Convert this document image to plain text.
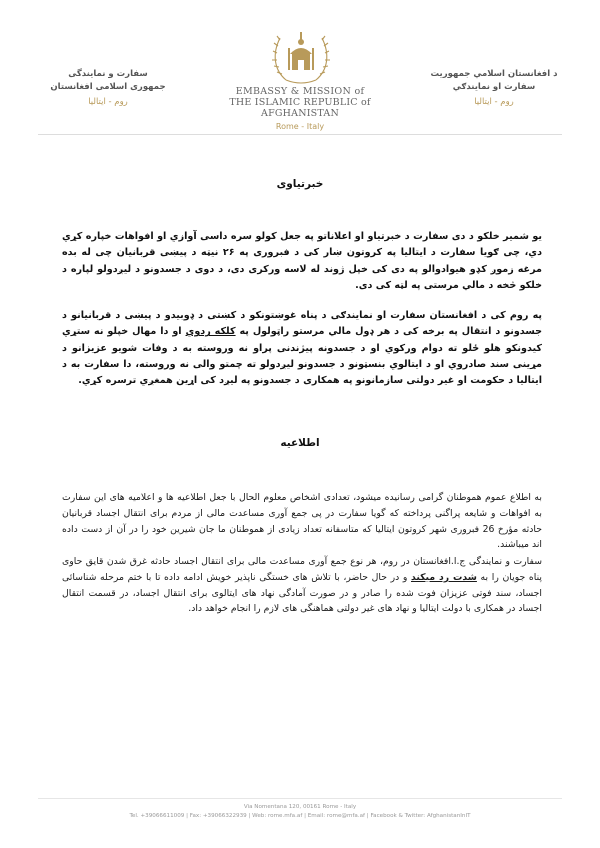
سفارت و نمایندگی
جمهوری اسلامی افغانستان
روم - ایتالیا
EMBASSY & MISSION of
THE ISLAMIC REPUBLIC of AFGHANISTAN
Rome - Italy
د افغانستان اسلامي جمهوريت
سفارت او نمایندګي
روم - ایتالیا
خبرتیاوی
یو شمیر خلکو د دی سفارت د خبرتیاو او اعلاناتو په جعل کولو سره داسی آوازي او افواهات خپاره کړي دي، چی ګویا سفارت د ایتالیا په کروتون ښار کی د فبروری په ۲۶ نیټه د پیښی قربانیان چی له بده مرغه زموږ کډو هیوادوالو په دی کی خپل ژوند له لاسه ورکری دی، د دوی د جسدونو د لیږدولو لپاره د خلکو څخه د مالي مرستی په لټه کی دی.
په روم کی د افغانستان سفارت او نمایندګی د پناه غوښتونکو د کښتی د ډوبیدو د پیښی د قربانیانو د جسدونو د انتقال په برخه کی د هر ډول مالي مرستو راټولول په کلکه ردوي او دا مهال خپلو نه ستړي کیدونکو هلو ځلو ته دوام ورکوي او د جسدونه پیژندنی پراو نه وروسته به د وفات شویو عزیزانو د مړینی سند صادروي او د ایتالوي بنسټونو د جسدونو لیږدولو ته چمتو والی نه وروسته، دا سفارت به د ایتالیا د حکومت او غیر دولتی سازمانونو په همکاری د جسدونو په لیږد کی اړین همغږي ترسره کړي.
اطلاعیه
به اطلاع عموم هموطنان گرامی رسانیده میشود، تعدادی اشخاص معلوم الحال با جعل اطلاعیه ها و اعلامیه های این سفارت به افواهات و شایعه پراگنی پرداخته که گویا سفارت در پی جمع آوری مساعدت مالی از مردم برای انتقال اجساد قربانیان حادثه مؤرخ 26 فبروری شهر کروتون ایتالیا که متاسفانه تعداد زیادی از هموطنان ما جان شیرین خود را در آن از دست داده اند میباشند.
سفارت و نمایندگی ج.ا.افغانستان در روم، هر نوع جمع آوری مساعدت مالی برای انتقال اجساد حادثه غرق شدن قایق حاوی پناه جویان را به شدت رد میکند و در حال حاضر، با تلاش های خستگی ناپذیر خویش ادامه داده تا با ختم مرحله شناسائی اجساد، سند فوتی عزیزان فوت شده را صادر و در صورت آمادگی نهاد های ایتالوی برای انتقال اجساد، در قسمت انتقال اجساد در همکاری با دولت ایتالیا و نهاد های غیر دولتی هماهنگی های لازم را انجام خواهد داد.
Via Nomentana 120, 00161 Rome - Italy
Tel. +39066611009 | Fax: +39066322939 | Web: rome.mfa.af | Email: rome@mfa.af | Facebook & Twitter: AfghanistanInIT
